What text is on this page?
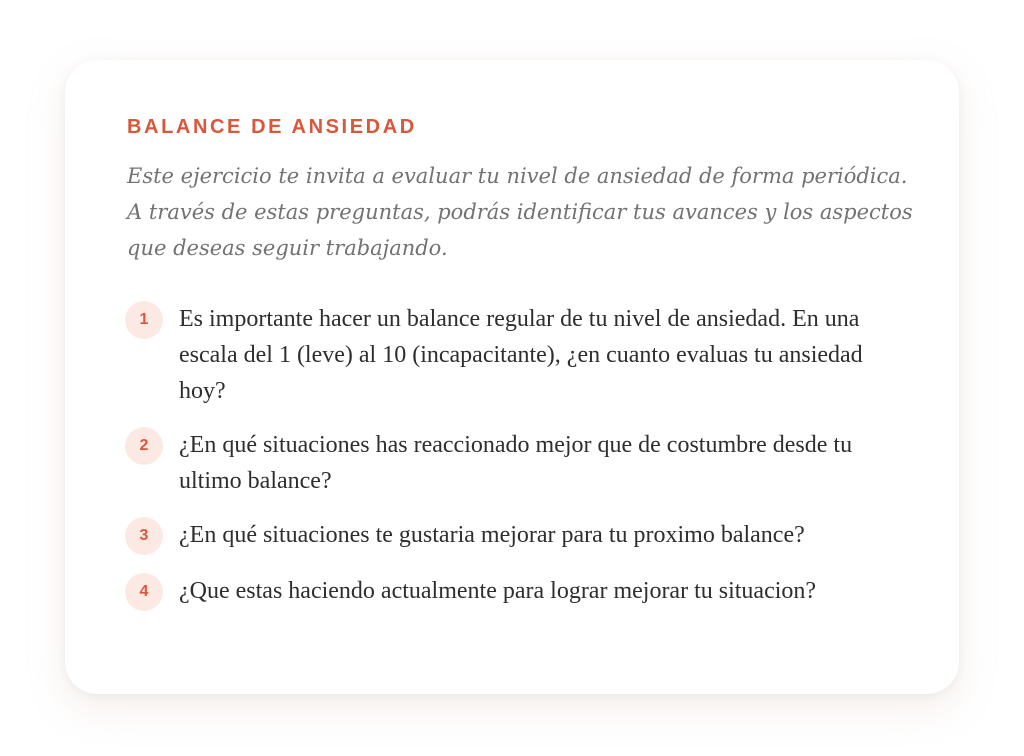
BALANCE DE ANSIEDAD

Este ejercicio te invita a evaluar tu nivel de ansiedad de forma periódica. A través de estas preguntas, podrás identificar tus avances y los aspectos que deseas seguir trabajando.

1	Es importante hacer un balance regular de tu nivel de ansiedad. En una escala del 1 (leve) al 10 (incapacitante), ¿en cuanto evaluas tu ansiedad hoy?

2	¿En qué situaciones has reaccionado mejor que de costumbre desde tu ultimo balance?

3	¿En qué situaciones te gustaria mejorar para tu proximo balance?

4	¿Que estas haciendo actualmente para lograr mejorar tu situacion?
